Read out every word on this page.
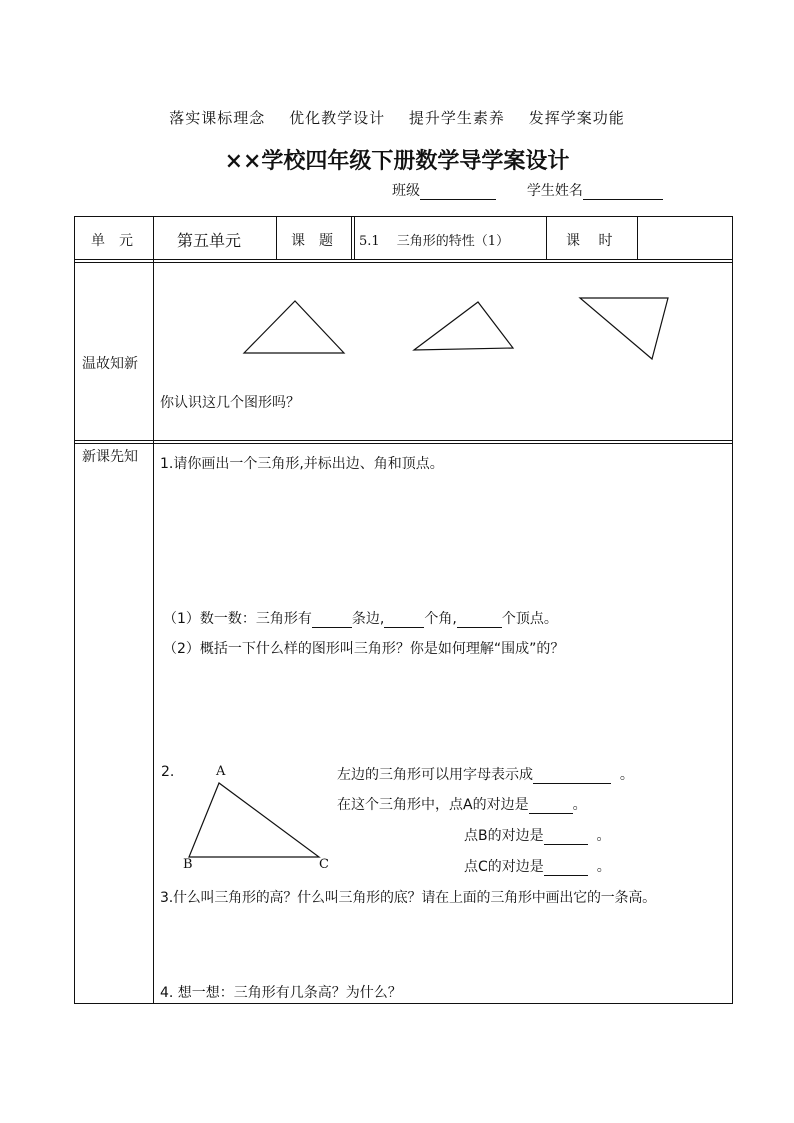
落实课标理念 优化教学设计 提升学生素养 发挥学案功能
××学校四年级下册数学导学案设计
班级	学生姓名
单　元	第五单元	课　题 5.1　 三角形的特性（1）	课　 时
温故知新
你认识这几个图形吗？
新课先知 1.请你画出一个三角形,并标出边、角和顶点。
（1）数一数：三角形有	条边,	个角,	个顶点。
（2）概括一下什么样的图形叫三角形？你是如何理解“围成”的？
2.	A
B	C
左边的三角形可以用字母表示成	。
在这个三角形中，点A的对边是	。
点B的对边是	。
点C的对边是	。
3.什么叫三角形的高？什么叫三角形的底？请在上面的三角形中画出它的一条高。
4. 想一想：三角形有几条高？为什么？
